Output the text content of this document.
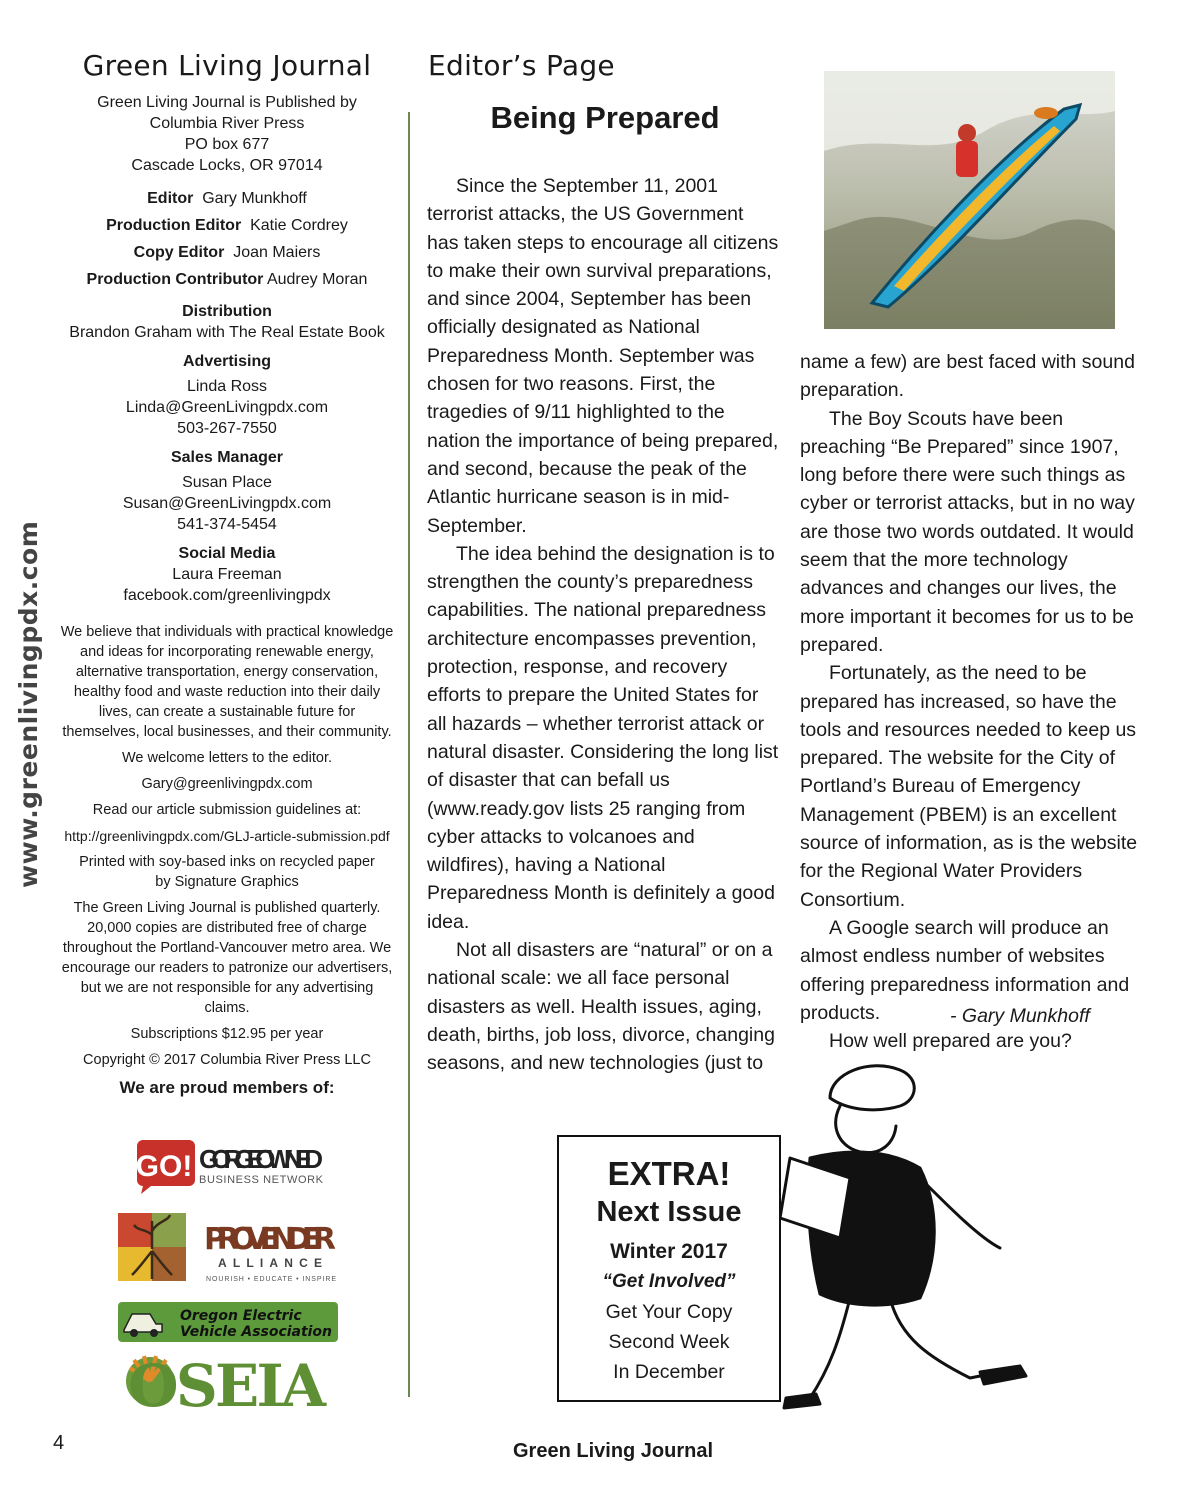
www.greenlivingpdx.com
Green Living Journal
Green Living Journal is Published by
Columbia River Press
PO box 677
Cascade Locks, OR 97014
Editor Gary Munkhoff
Production Editor Katie Cordrey
Copy Editor Joan Maiers
Production Contributor Audrey Moran
Distribution
Brandon Graham with The Real Estate Book
Advertising
Linda Ross
Linda@GreenLivingpdx.com
503-267-7550
Sales Manager
Susan Place
Susan@GreenLivingpdx.com
541-374-5454
Social Media
Laura Freeman
facebook.com/greenlivingpdx
We believe that individuals with practical knowledge and ideas for incorporating renewable energy, alternative transportation, energy conservation, healthy food and waste reduction into their daily lives, can create a sustainable future for themselves, local businesses, and their community.
We welcome letters to the editor.
Gary@greenlivingpdx.com
Read our article submission guidelines at:
http://greenlivingpdx.com/GLJ-article-submission.pdf
Printed with soy-based inks on recycled paper
by Signature Graphics
The Green Living Journal is published quarterly. 20,000 copies are distributed free of charge throughout the Portland-Vancouver metro area. We encourage our readers to patronize our advertisers, but we are not responsible for any advertising claims.
Subscriptions $12.95 per year
Copyright © 2017 Columbia River Press LLC
We are proud members of:
GO! GORGE OWNED
BUSINESS NETWORK
PROVENDER
ALLIANCE
NOURISH • EDUCATE • INSPIRE
Oregon Electric
Vehicle Association
OSEIA
Editor’s Page
Being Prepared

Since the September 11, 2001 terrorist attacks, the US Government has taken steps to encourage all citizens to make their own survival preparations, and since 2004, September has been officially designated as National Preparedness Month. September was chosen for two reasons. First, the tragedies of 9/11 highlighted to the nation the importance of being prepared, and second, because the peak of the Atlantic hurricane season is in mid-September.

The idea behind the designation is to strengthen the county’s preparedness capabilities. The national preparedness architecture encompasses prevention, protection, response, and recovery efforts to prepare the United States for all hazards – whether terrorist attack or natural disaster. Considering the long list of disaster that can befall us (www.ready.gov lists 25 ranging from cyber attacks to volcanoes and wildfires), having a National Preparedness Month is definitely a good idea.

Not all disasters are “natural” or on a national scale: we all face personal disasters as well. Health issues, aging, death, births, job loss, divorce, changing seasons, and new technologies (just to

name a few) are best faced with sound preparation.

The Boy Scouts have been preaching “Be Prepared” since 1907, long before there were such things as cyber or terrorist attacks, but in no way are those two words outdated. It would seem that the more technology advances and changes our lives, the more important it becomes for us to be prepared.

Fortunately, as the need to be prepared has increased, so have the tools and resources needed to keep us prepared. The website for the City of Portland’s Bureau of Emergency Management (PBEM) is an excellent source of information, as is the website for the Regional Water Providers Consortium.

A Google search will produce an almost endless number of websites offering preparedness information and products.

How well prepared are you?

- Gary Munkhoff
EXTRA!
Next Issue
Winter 2017
“Get Involved”
Get Your Copy
Second Week
In December
4	Green Living Journal
